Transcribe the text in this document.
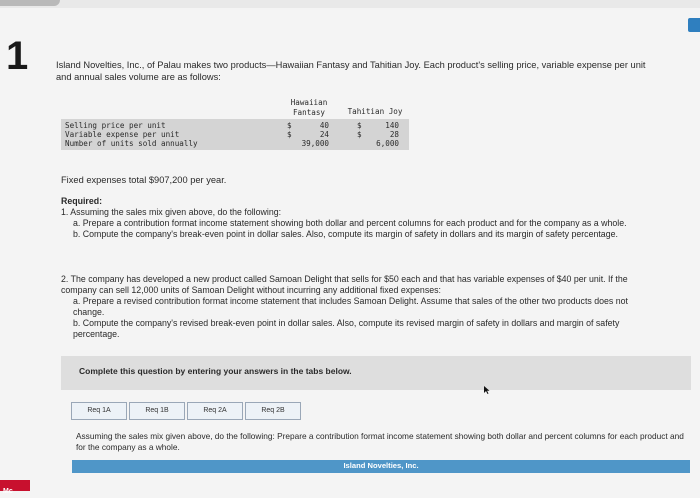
1	Island Novelties, Inc., of Palau makes two products—Hawaiian Fantasy and Tahitian Joy. Each product's selling price, variable expense per unit and annual sales volume are as follows:
Hawaiian Fantasy	Tahitian Joy
Selling price per unit	$	40	$	140
Variable expense per unit	$	24	$	28
Number of units sold annually	39,000	6,000
Fixed expenses total $907,200 per year.
Required:
1. Assuming the sales mix given above, do the following:
a. Prepare a contribution format income statement showing both dollar and percent columns for each product and for the company as a whole.
b. Compute the company's break-even point in dollar sales. Also, compute its margin of safety in dollars and its margin of safety percentage.
2. The company has developed a new product called Samoan Delight that sells for $50 each and that has variable expenses of $40 per unit. If the company can sell 12,000 units of Samoan Delight without incurring any additional fixed expenses:
a. Prepare a revised contribution format income statement that includes Samoan Delight. Assume that sales of the other two products does not change.
b. Compute the company's revised break-even point in dollar sales. Also, compute its revised margin of safety in dollars and margin of safety percentage.
Complete this question by entering your answers in the tabs below.
Req 1A	Req 1B	Req 2A	Req 2B
Assuming the sales mix given above, do the following: Prepare a contribution format income statement showing both dollar and percent columns for each product and for the company as a whole.
Island Novelties, Inc.
Mc
